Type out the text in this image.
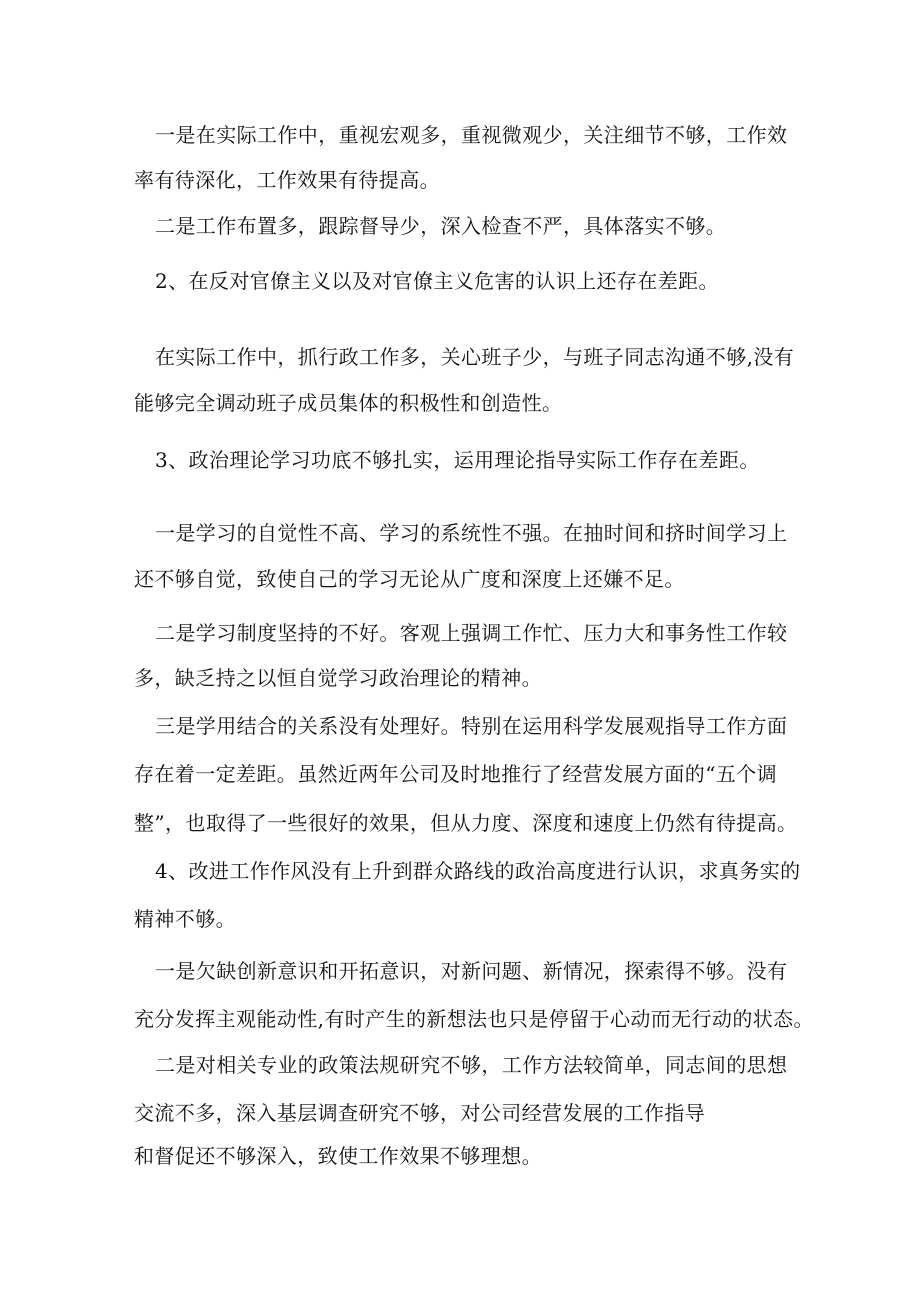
一是在实际工作中，重视宏观多，重视微观少，关注细节不够，工作效
率有待深化，工作效果有待提高。
二是工作布置多，跟踪督导少，深入检查不严，具体落实不够。
2、在反对官僚主义以及对官僚主义危害的认识上还存在差距。
在实际工作中，抓行政工作多，关心班子少，与班子同志沟通不够,没有
能够完全调动班子成员集体的积极性和创造性。
3、政治理论学习功底不够扎实，运用理论指导实际工作存在差距。
一是学习的自觉性不高、学习的系统性不强。在抽时间和挤时间学习上
还不够自觉，致使自己的学习无论从广度和深度上还嫌不足。
二是学习制度坚持的不好。客观上强调工作忙、压力大和事务性工作较
多，缺乏持之以恒自觉学习政治理论的精神。
三是学用结合的关系没有处理好。特别在运用科学发展观指导工作方面
存在着一定差距。虽然近两年公司及时地推行了经营发展方面的“五个调
整”，也取得了一些很好的效果，但从力度、深度和速度上仍然有待提高。
4、改进工作作风没有上升到群众路线的政治高度进行认识，求真务实的
精神不够。
一是欠缺创新意识和开拓意识，对新问题、新情况，探索得不够。没有
充分发挥主观能动性,有时产生的新想法也只是停留于心动而无行动的状态。
二是对相关专业的政策法规研究不够，工作方法较简单，同志间的思想
交流不多，深入基层调查研究不够，对公司经营发展的工作指导
和督促还不够深入，致使工作效果不够理想。
